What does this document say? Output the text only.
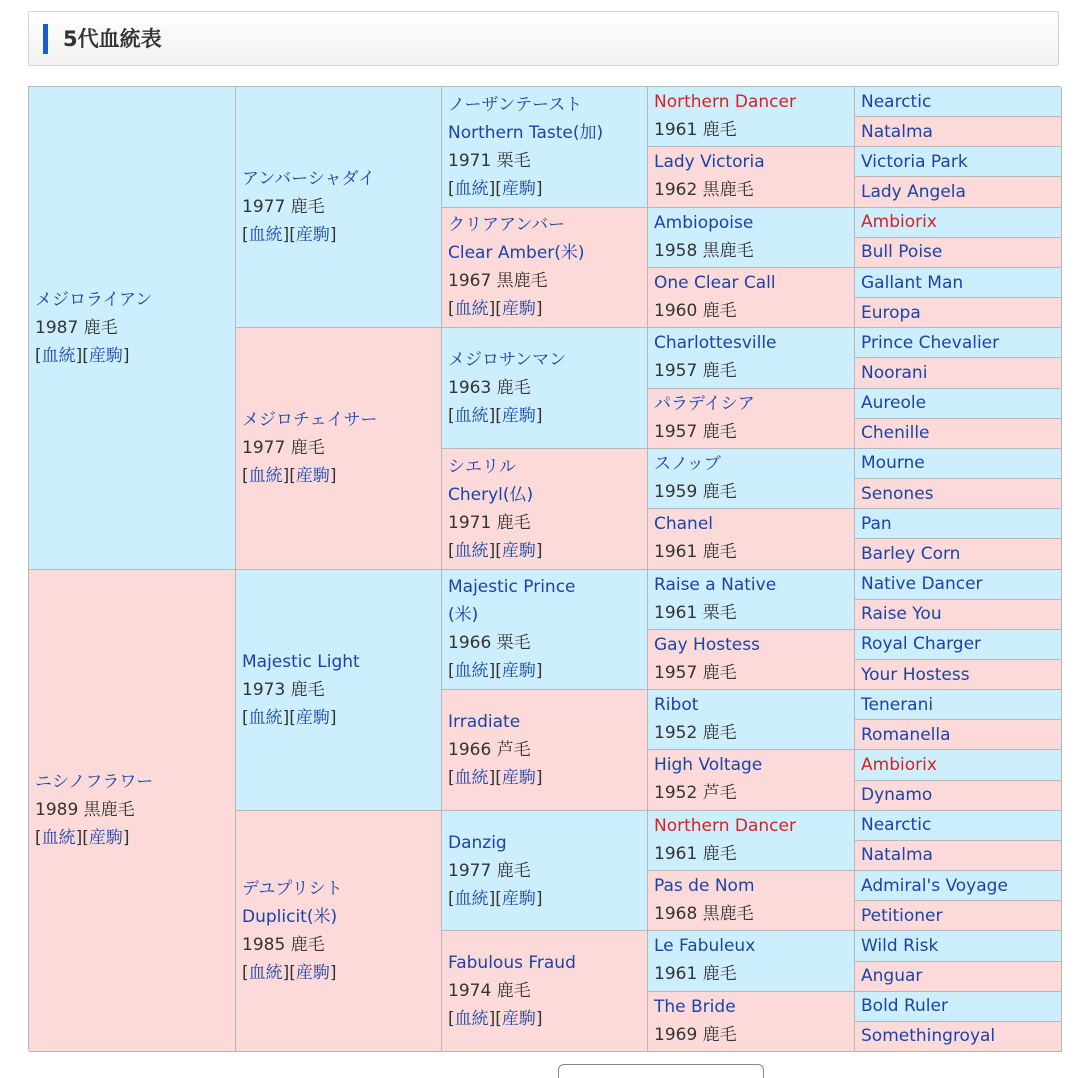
5代血統表
メジロライアン
1987 鹿毛
[血統][産駒]
ニシノフラワー
1989 黒鹿毛
[血統][産駒]
アンバーシャダイ
1977 鹿毛
[血統][産駒]
メジロチェイサー
1977 鹿毛
[血統][産駒]
Majestic Light
1973 鹿毛
[血統][産駒]
デユプリシト
Duplicit(米)
1985 鹿毛
[血統][産駒]
ノーザンテースト
Northern Taste(加)
1971 栗毛
[血統][産駒]
クリアアンバー
Clear Amber(米)
1967 黒鹿毛
[血統][産駒]
メジロサンマン
1963 鹿毛
[血統][産駒]
シエリル
Cheryl(仏)
1971 鹿毛
[血統][産駒]
Majestic Prince
(米)
1966 栗毛
[血統][産駒]
Irradiate
1966 芦毛
[血統][産駒]
Danzig
1977 鹿毛
[血統][産駒]
Fabulous Fraud
1974 鹿毛
[血統][産駒]
Northern Dancer
1961 鹿毛
Lady Victoria
1962 黒鹿毛
Ambiopoise
1958 黒鹿毛
One Clear Call
1960 鹿毛
Charlottesville
1957 鹿毛
パラデイシア
1957 鹿毛
スノッブ
1959 鹿毛
Chanel
1961 鹿毛
Raise a Native
1961 栗毛
Gay Hostess
1957 鹿毛
Ribot
1952 鹿毛
High Voltage
1952 芦毛
Northern Dancer
1961 鹿毛
Pas de Nom
1968 黒鹿毛
Le Fabuleux
1961 鹿毛
The Bride
1969 鹿毛
Nearctic
Natalma
Victoria Park
Lady Angela
Ambiorix
Bull Poise
Gallant Man
Europa
Prince Chevalier
Noorani
Aureole
Chenille
Mourne
Senones
Pan
Barley Corn
Native Dancer
Raise You
Royal Charger
Your Hostess
Tenerani
Romanella
Ambiorix
Dynamo
Nearctic
Natalma
Admiral's Voyage
Petitioner
Wild Risk
Anguar
Bold Ruler
Somethingroyal
